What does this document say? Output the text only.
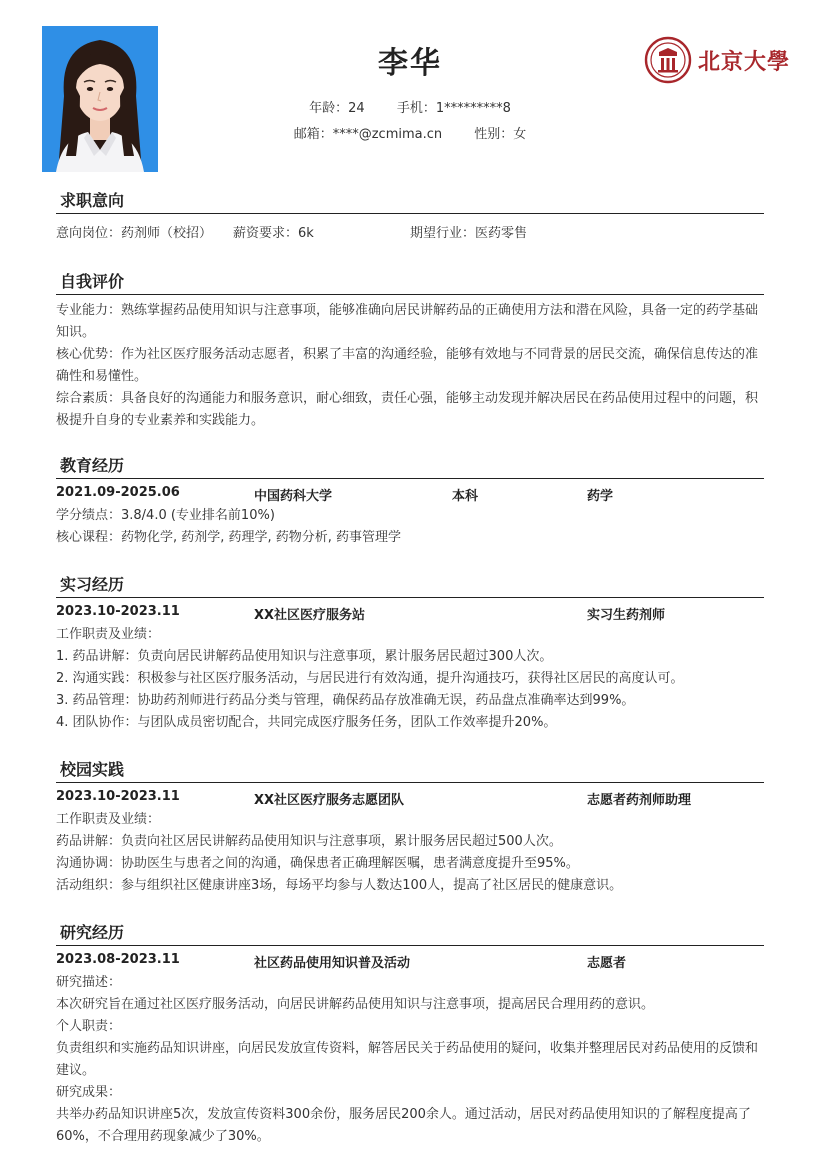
李华
年龄：24 手机：1*********8
邮箱：****@zcmima.cn 性别：女
北京大學
求职意向
意向岗位：药剂师（校招） 薪资要求：6k	期望行业：医药零售
自我评价
专业能力：熟练掌握药品使用知识与注意事项，能够准确向居民讲解药品的正确使用方法和潜在风险，具备一定的药学基础知识。
核心优势：作为社区医疗服务活动志愿者，积累了丰富的沟通经验，能够有效地与不同背景的居民交流，确保信息传达的准确性和易懂性。
综合素质：具备良好的沟通能力和服务意识，耐心细致，责任心强，能够主动发现并解决居民在药品使用过程中的问题，积极提升自身的专业素养和实践能力。
教育经历
2021.09-2025.06	中国药科大学	本科	药学
学分绩点：3.8/4.0 (专业排名前10%)
核心课程：药物化学, 药剂学, 药理学, 药物分析, 药事管理学
实习经历
2023.10-2023.11	XX社区医疗服务站	实习生药剂师
工作职责及业绩：
1. 药品讲解：负责向居民讲解药品使用知识与注意事项，累计服务居民超过300人次。
2. 沟通实践：积极参与社区医疗服务活动，与居民进行有效沟通，提升沟通技巧，获得社区居民的高度认可。
3. 药品管理：协助药剂师进行药品分类与管理，确保药品存放准确无误，药品盘点准确率达到99%。
4. 团队协作：与团队成员密切配合，共同完成医疗服务任务，团队工作效率提升20%。
校园实践
2023.10-2023.11	XX社区医疗服务志愿团队	志愿者药剂师助理
工作职责及业绩：
药品讲解：负责向社区居民讲解药品使用知识与注意事项，累计服务居民超过500人次。
沟通协调：协助医生与患者之间的沟通，确保患者正确理解医嘱，患者满意度提升至95%。
活动组织：参与组织社区健康讲座3场，每场平均参与人数达100人，提高了社区居民的健康意识。
研究经历
2023.08-2023.11	社区药品使用知识普及活动	志愿者
研究描述：
本次研究旨在通过社区医疗服务活动，向居民讲解药品使用知识与注意事项，提高居民合理用药的意识。
个人职责：
负责组织和实施药品知识讲座，向居民发放宣传资料，解答居民关于药品使用的疑问，收集并整理居民对药品使用的反馈和建议。
研究成果：
共举办药品知识讲座5次，发放宣传资料300余份，服务居民200余人。通过活动，居民对药品使用知识的了解程度提高了60%，不合理用药现象减少了30%。
